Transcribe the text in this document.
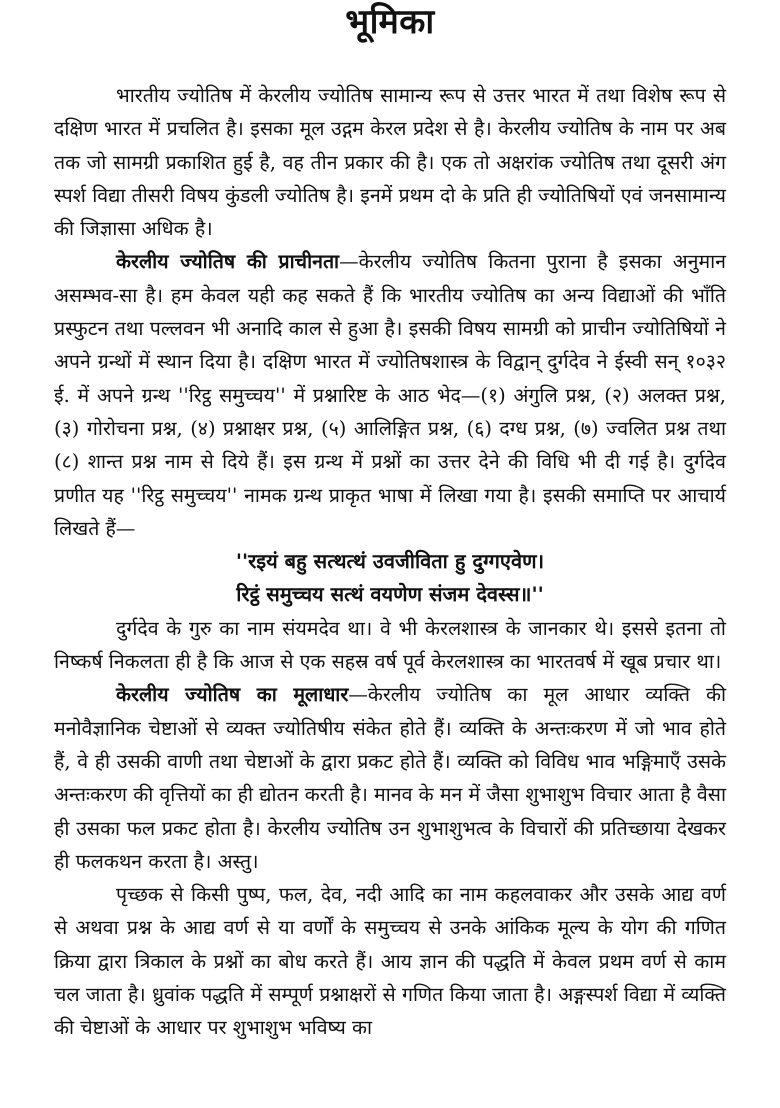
भूमिका

भारतीय ज्योतिष में केरलीय ज्योतिष सामान्य रूप से उत्तर भारत में तथा विशेष रूप से दक्षिण भारत में प्रचलित है। इसका मूल उद्गम केरल प्रदेश से है। केरलीय ज्योतिष के नाम पर अब तक जो सामग्री प्रकाशित हुई है, वह तीन प्रकार की है। एक तो अक्षरांक ज्योतिष तथा दूसरी अंग स्पर्श विद्या तीसरी विषय कुंडली ज्योतिष है। इनमें प्रथम दो के प्रति ही ज्योतिषियों एवं जनसामान्य की जिज्ञासा अधिक है।

केरलीय ज्योतिष की प्राचीनता—केरलीय ज्योतिष कितना पुराना है इसका अनुमान असम्भव-सा है। हम केवल यही कह सकते हैं कि भारतीय ज्योतिष का अन्य विद्याओं की भाँति प्रस्फुटन तथा पल्लवन भी अनादि काल से हुआ है। इसकी विषय सामग्री को प्राचीन ज्योतिषियों ने अपने ग्रन्थों में स्थान दिया है। दक्षिण भारत में ज्योतिषशास्त्र के विद्वान् दुर्गदेव ने ईस्वी सन् १०३२ ई. में अपने ग्रन्थ ''रिट्ठ समुच्चय'' में प्रश्नारिष्ट के आठ भेद—(१) अंगुलि प्रश्न, (२) अलक्त प्रश्न, (३) गोरोचना प्रश्न, (४) प्रश्नाक्षर प्रश्न, (५) आलिङ्गित प्रश्न, (६) दग्ध प्रश्न, (७) ज्वलित प्रश्न तथा (८) शान्त प्रश्न नाम से दिये हैं। इस ग्रन्थ में प्रश्नों का उत्तर देने की विधि भी दी गई है। दुर्गदेव प्रणीत यह ''रिट्ठ समुच्चय'' नामक ग्रन्थ प्राकृत भाषा में लिखा गया है। इसकी समाप्ति पर आचार्य लिखते हैं—

''रइयं बहु सत्थत्थं उवजीविता हु दुग्गएवेण।
रिट्ठं समुच्चय सत्थं वयणेण संजम देवस्स॥''

दुर्गदेव के गुरु का नाम संयमदेव था। वे भी केरलशास्त्र के जानकार थे। इससे इतना तो निष्कर्ष निकलता ही है कि आज से एक सहस्र वर्ष पूर्व केरलशास्त्र का भारतवर्ष में खूब प्रचार था।

केरलीय ज्योतिष का मूलाधार—केरलीय ज्योतिष का मूल आधार व्यक्ति की मनोवैज्ञानिक चेष्टाओं से व्यक्त ज्योतिषीय संकेत होते हैं। व्यक्ति के अन्तःकरण में जो भाव होते हैं, वे ही उसकी वाणी तथा चेष्टाओं के द्वारा प्रकट होते हैं। व्यक्ति को विविध भाव भङ्गिमाएँ उसके अन्तःकरण की वृत्तियों का ही द्योतन करती है। मानव के मन में जैसा शुभाशुभ विचार आता है वैसा ही उसका फल प्रकट होता है। केरलीय ज्योतिष उन शुभाशुभत्व के विचारों की प्रतिच्छाया देखकर ही फलकथन करता है। अस्तु।

पृच्छक से किसी पुष्प, फल, देव, नदी आदि का नाम कहलवाकर और उसके आद्य वर्ण से अथवा प्रश्न के आद्य वर्ण से या वर्णों के समुच्चय से उनके आंकिक मूल्य के योग की गणित क्रिया द्वारा त्रिकाल के प्रश्नों का बोध करते हैं। आय ज्ञान की पद्धति में केवल प्रथम वर्ण से काम चल जाता है। ध्रुवांक पद्धति में सम्पूर्ण प्रश्नाक्षरों से गणित किया जाता है। अङ्गस्पर्श विद्या में व्यक्ति की चेष्टाओं के आधार पर शुभाशुभ भविष्य का
